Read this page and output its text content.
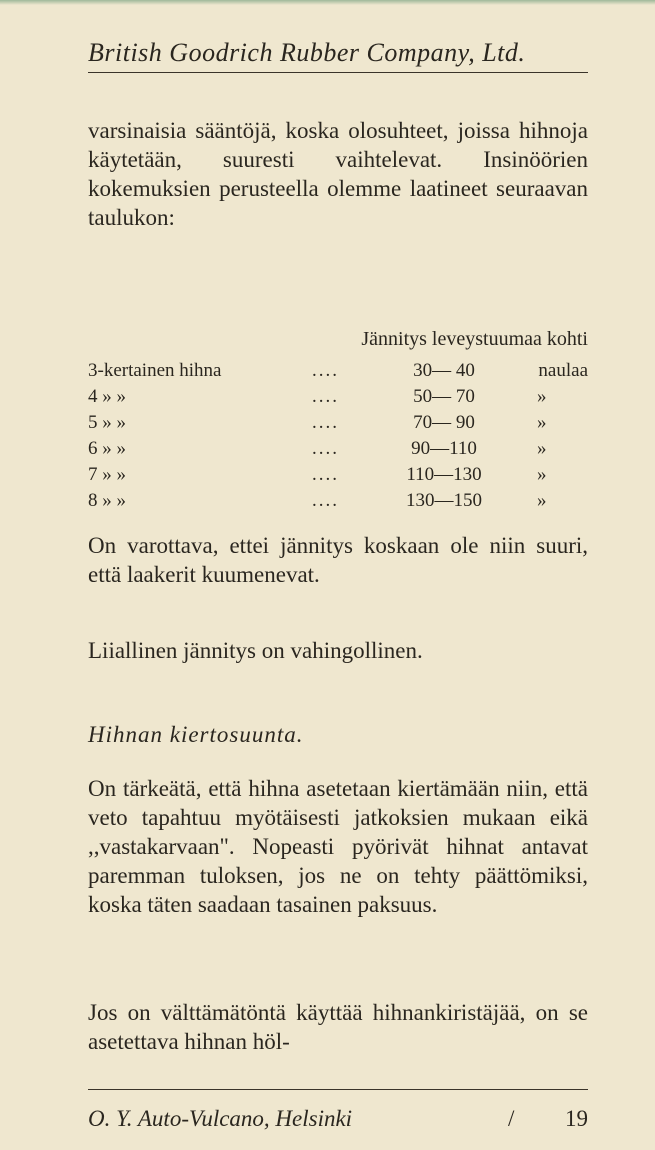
British Goodrich Rubber Company, Ltd.

varsinaisia sääntöjä, koska olosuhteet, joissa hihnoja käytetään, suuresti vaihtelevat. Insinöörien kokemuksien perusteella olemme laatineet seuraavan taulukon:

Jännitys leveystuumaa kohti
3-kertainen hihna	....	30— 40	naulaa
4 » »	....	50— 70	»
5 » »	....	70— 90	»
6 » »	....	90—110	»
7 » »	....	110—130	»
8 » »	....	130—150	»

On varottava, ettei jännitys koskaan ole niin suuri, että laakerit kuumenevat.

Liiallinen jännitys on vahingollinen.

Hihnan kiertosuunta.

On tärkeätä, että hihna asetetaan kiertämään niin, että veto tapahtuu myötäisesti jatkoksien mukaan eikä ,,vastakarvaan". Nopeasti pyörivät hihnat antavat paremman tuloksen, jos ne on tehty päättömiksi, koska täten saadaan tasainen paksuus.

Jos on välttämätöntä käyttää hihnankiristäjää, on se asetettava hihnan höl-

O. Y. Auto-Vulcano, Helsinki	/ 19
